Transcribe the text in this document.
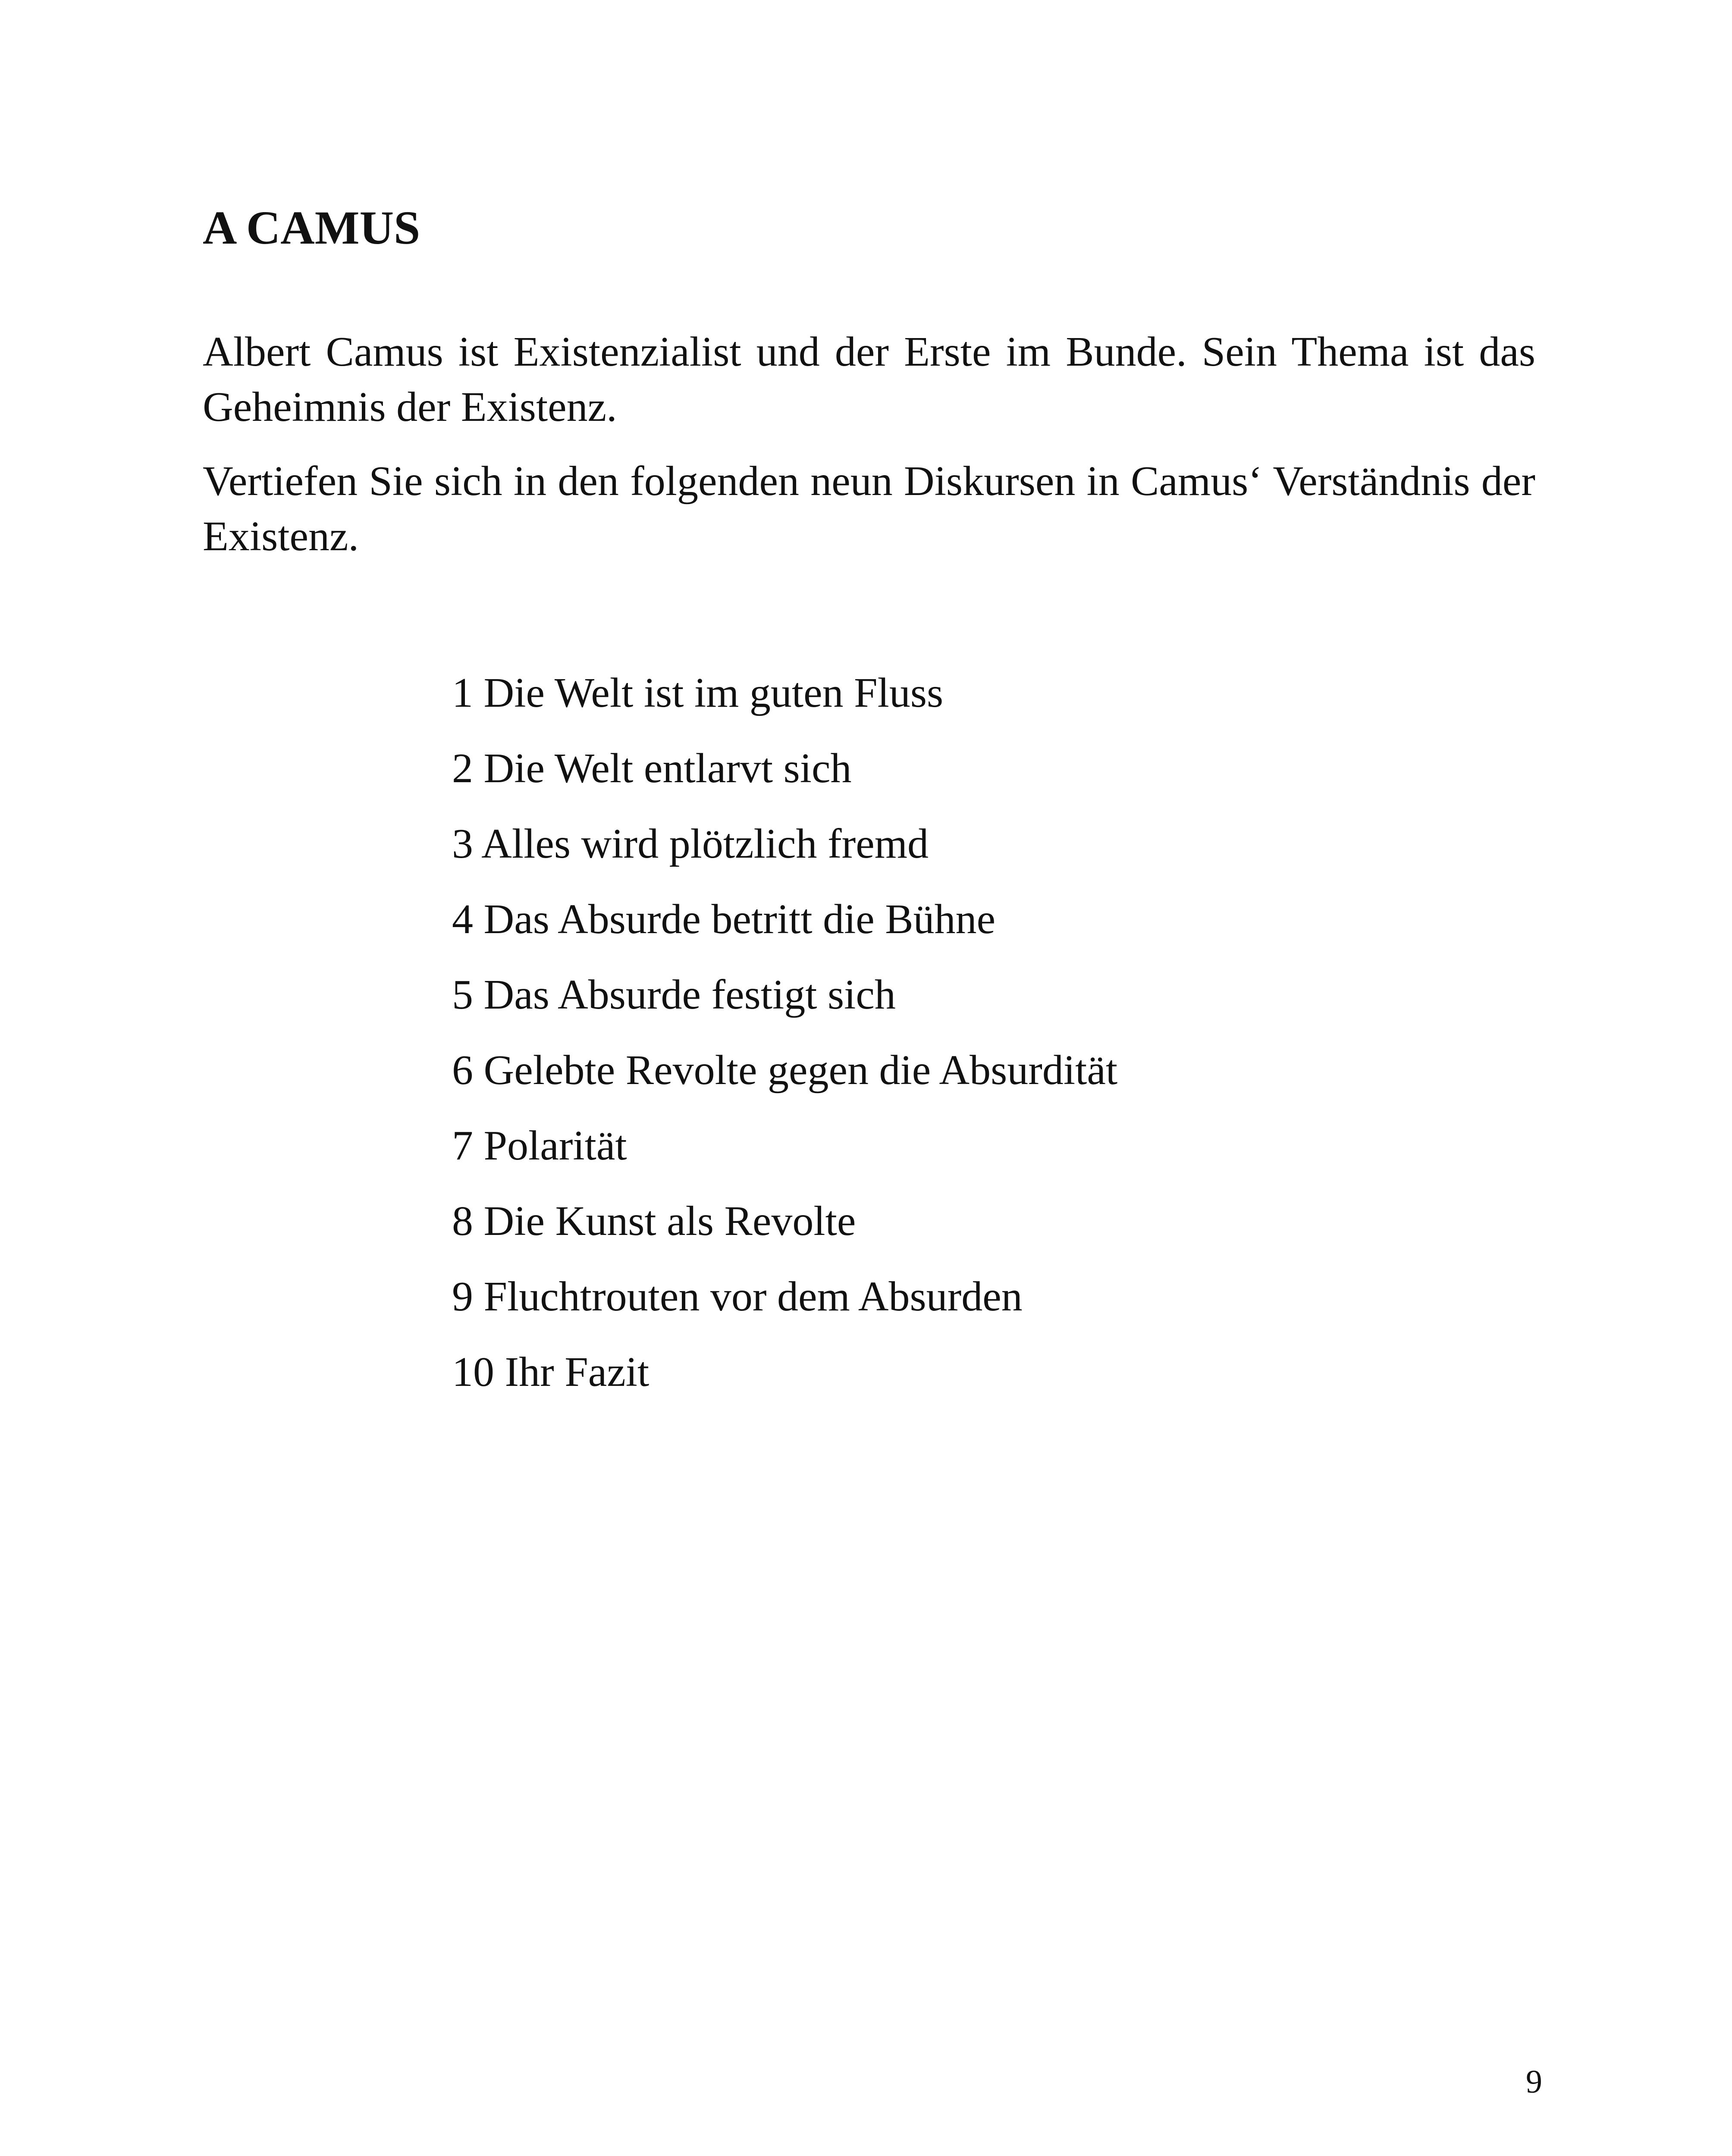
A CAMUS

Albert Camus ist Existenzialist und der Erste im Bunde. Sein Thema ist das Geheimnis der Existenz.

Vertiefen Sie sich in den folgenden neun Diskursen in Camus‘ Verständnis der Existenz.

1 Die Welt ist im guten Fluss
2 Die Welt entlarvt sich
3 Alles wird plötzlich fremd
4 Das Absurde betritt die Bühne
5 Das Absurde festigt sich
6 Gelebte Revolte gegen die Absurdität
7 Polarität
8 Die Kunst als Revolte
9 Fluchtrouten vor dem Absurden
10 Ihr Fazit

9
